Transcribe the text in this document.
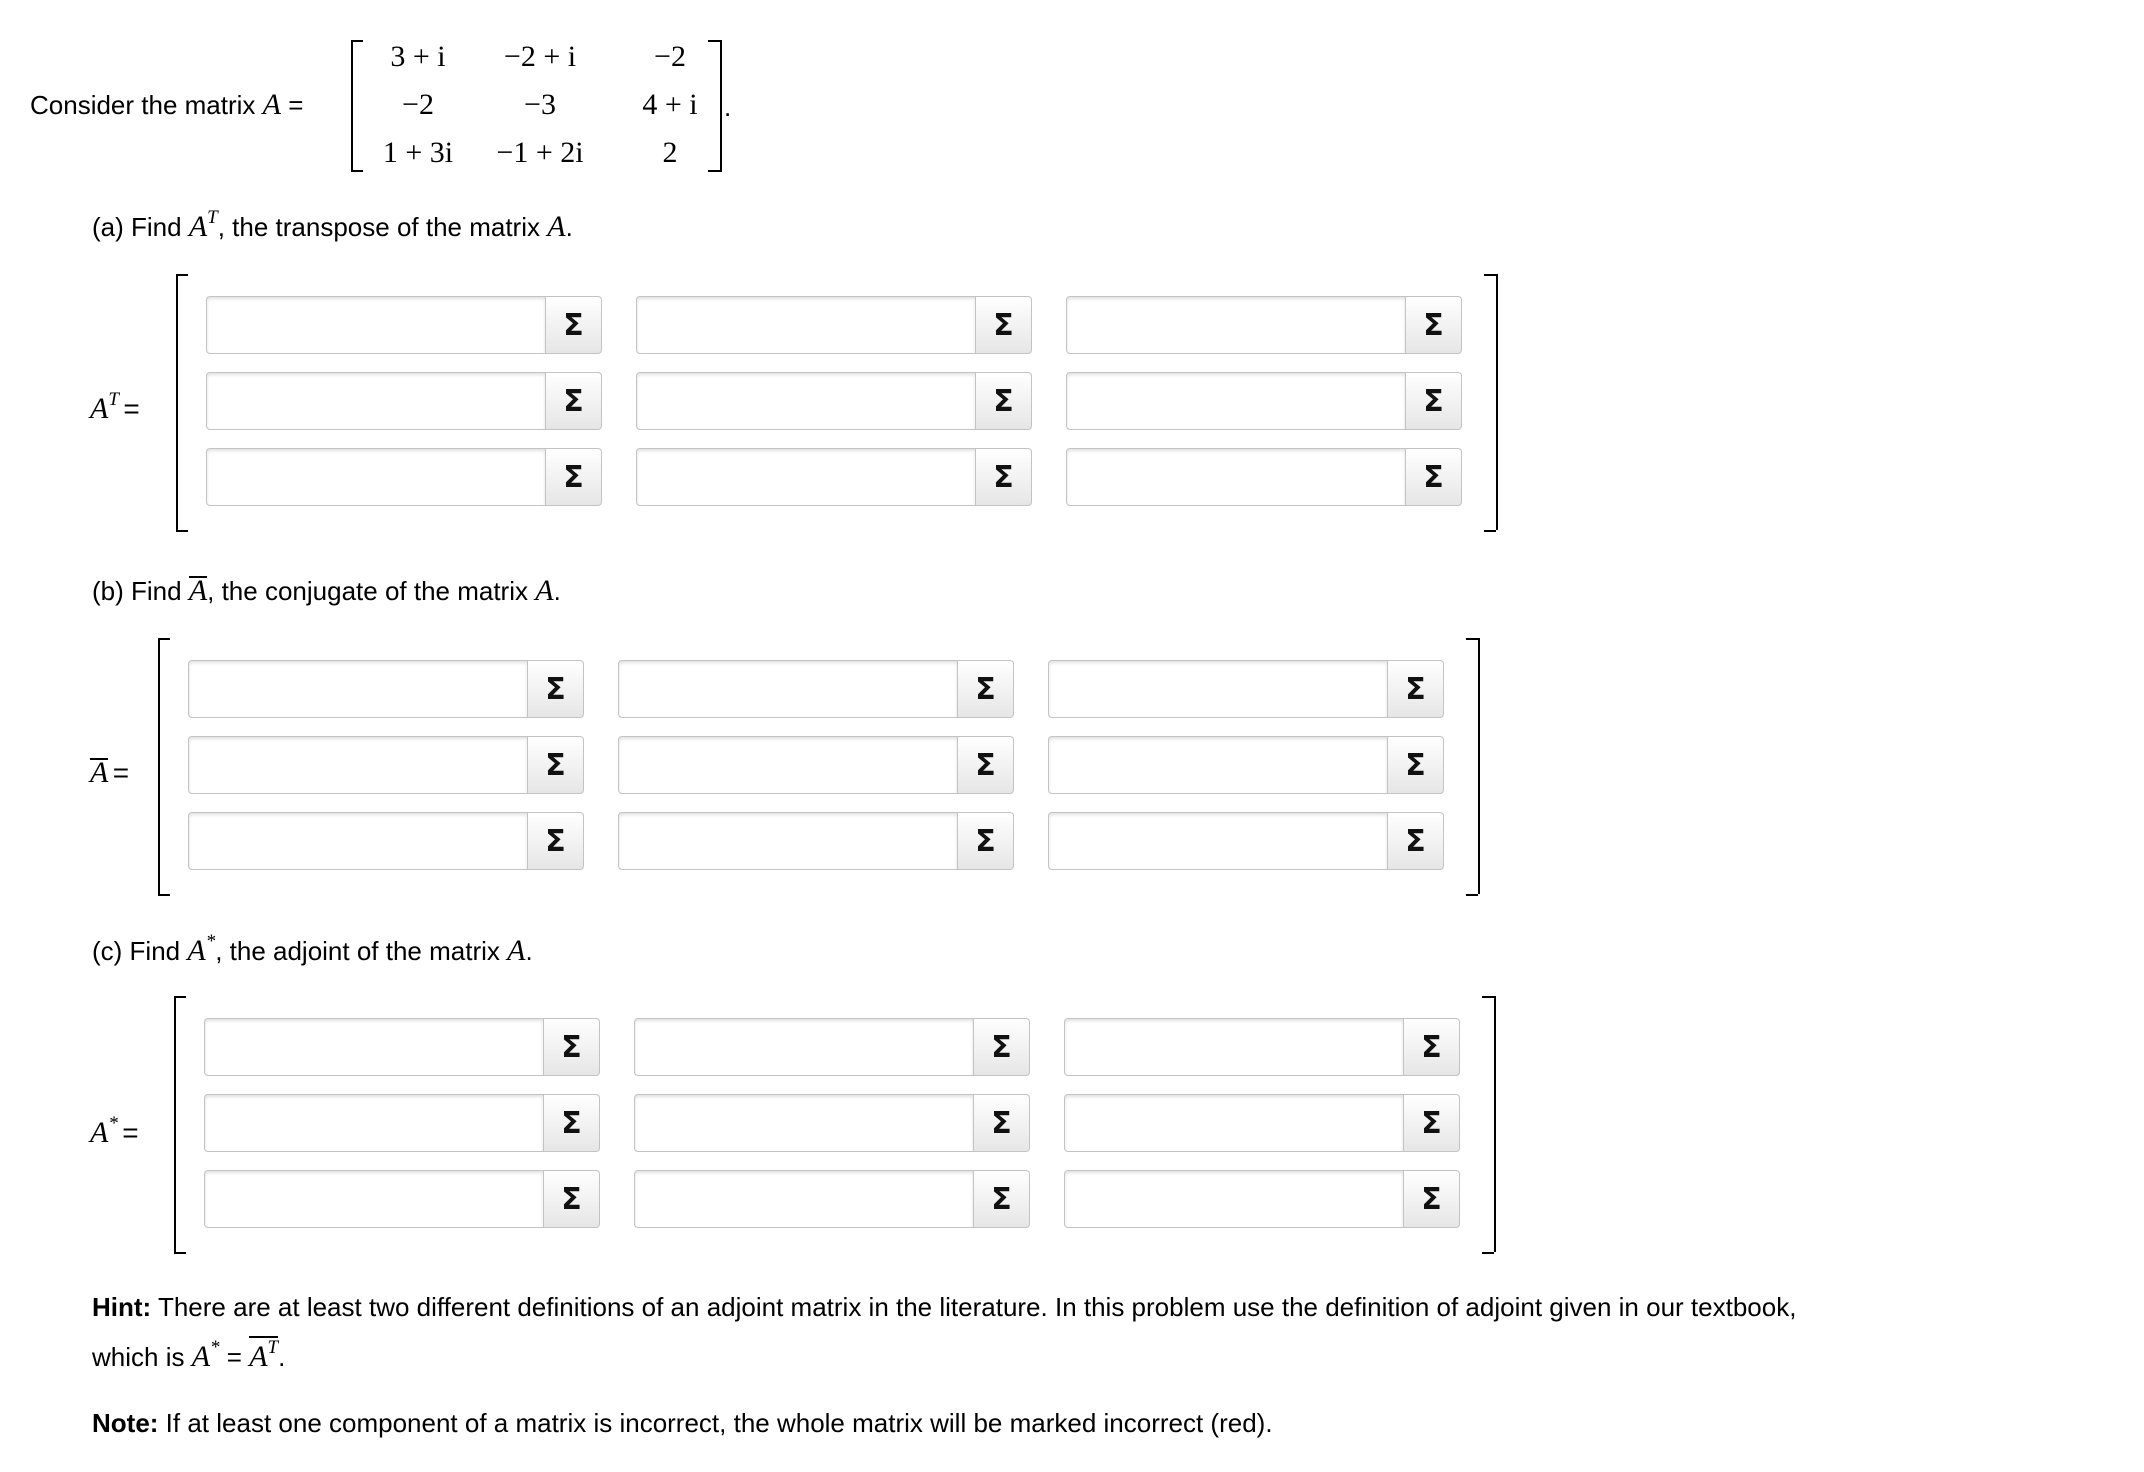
Consider the matrix A =
3 + i	−2 + i	−2
−2	−3	4 + i
1 + 3i	−1 + 2i	2
.
(a) Find $A^T$, the transpose of the matrix A.
AT =
Σ	Σ	Σ
Σ	Σ	Σ
Σ	Σ	Σ
(b) Find A
, the conjugate of the matrix A.
A =
Σ	Σ	Σ
Σ	Σ	Σ
Σ	Σ	Σ
(c) Find A*, the adjoint of the matrix A.
A* =
Σ	Σ	Σ
Σ	Σ	Σ
Σ	Σ	Σ
Hint: There are at least two different definitions of an adjoint matrix in the literature. In this problem use the definition of adjoint given in our textbook,
which is $A^* = A^T$
.
Note: If at least one component of a matrix is incorrect, the whole matrix will be marked incorrect (red).
